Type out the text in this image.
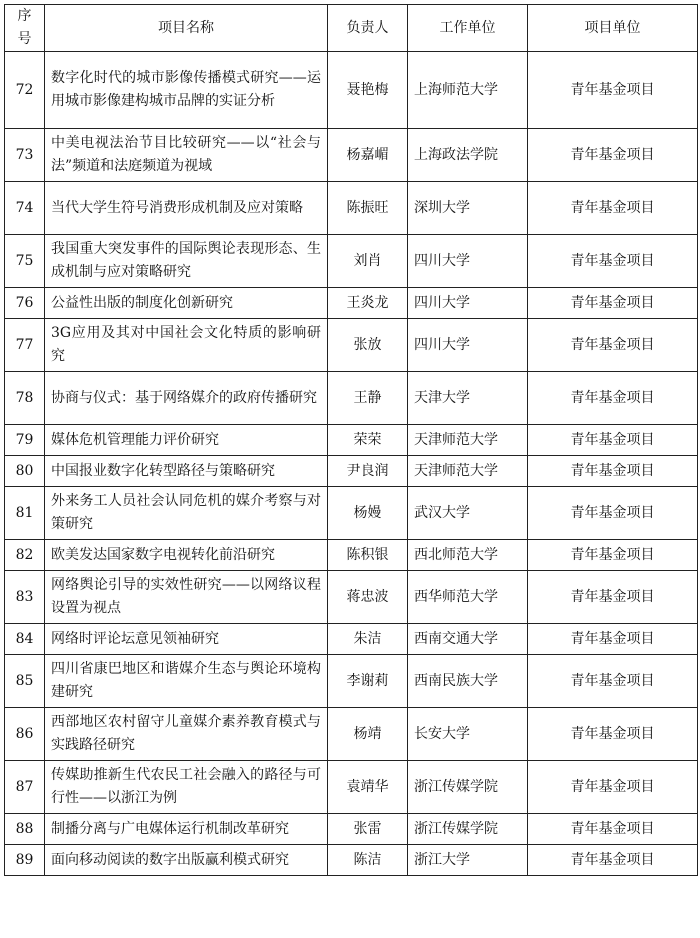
序号	项目名称	负责人	工作单位	项目单位
72	数字化时代的城市影像传播模式研究——运用城市影像建构城市品牌的实证分析	聂艳梅	上海师范大学	青年基金项目
73	中美电视法治节目比较研究——以“社会与法”频道和法庭频道为视域	杨嘉嵋	上海政法学院	青年基金项目
74	当代大学生符号消费形成机制及应对策略	陈振旺	深圳大学	青年基金项目
75	我国重大突发事件的国际舆论表现形态、生成机制与应对策略研究	刘肖	四川大学	青年基金项目
76	公益性出版的制度化创新研究	王炎龙	四川大学	青年基金项目
77	3G应用及其对中国社会文化特质的影响研究	张放	四川大学	青年基金项目
78	协商与仪式：基于网络媒介的政府传播研究	王静	天津大学	青年基金项目
79	媒体危机管理能力评价研究	荣荣	天津师范大学	青年基金项目
80	中国报业数字化转型路径与策略研究	尹良润	天津师范大学	青年基金项目
81	外来务工人员社会认同危机的媒介考察与对策研究	杨嫚	武汉大学	青年基金项目
82	欧美发达国家数字电视转化前沿研究	陈积银	西北师范大学	青年基金项目
83	网络舆论引导的实效性研究——以网络议程设置为视点	蒋忠波	西华师范大学	青年基金项目
84	网络时评论坛意见领袖研究	朱洁	西南交通大学	青年基金项目
85	四川省康巴地区和谐媒介生态与舆论环境构建研究	李谢莉	西南民族大学	青年基金项目
86	西部地区农村留守儿童媒介素养教育模式与实践路径研究	杨靖	长安大学	青年基金项目
87	传媒助推新生代农民工社会融入的路径与可行性——以浙江为例	袁靖华	浙江传媒学院	青年基金项目
88	制播分离与广电媒体运行机制改革研究	张雷	浙江传媒学院	青年基金项目
89	面向移动阅读的数字出版赢利模式研究	陈洁	浙江大学	青年基金项目
